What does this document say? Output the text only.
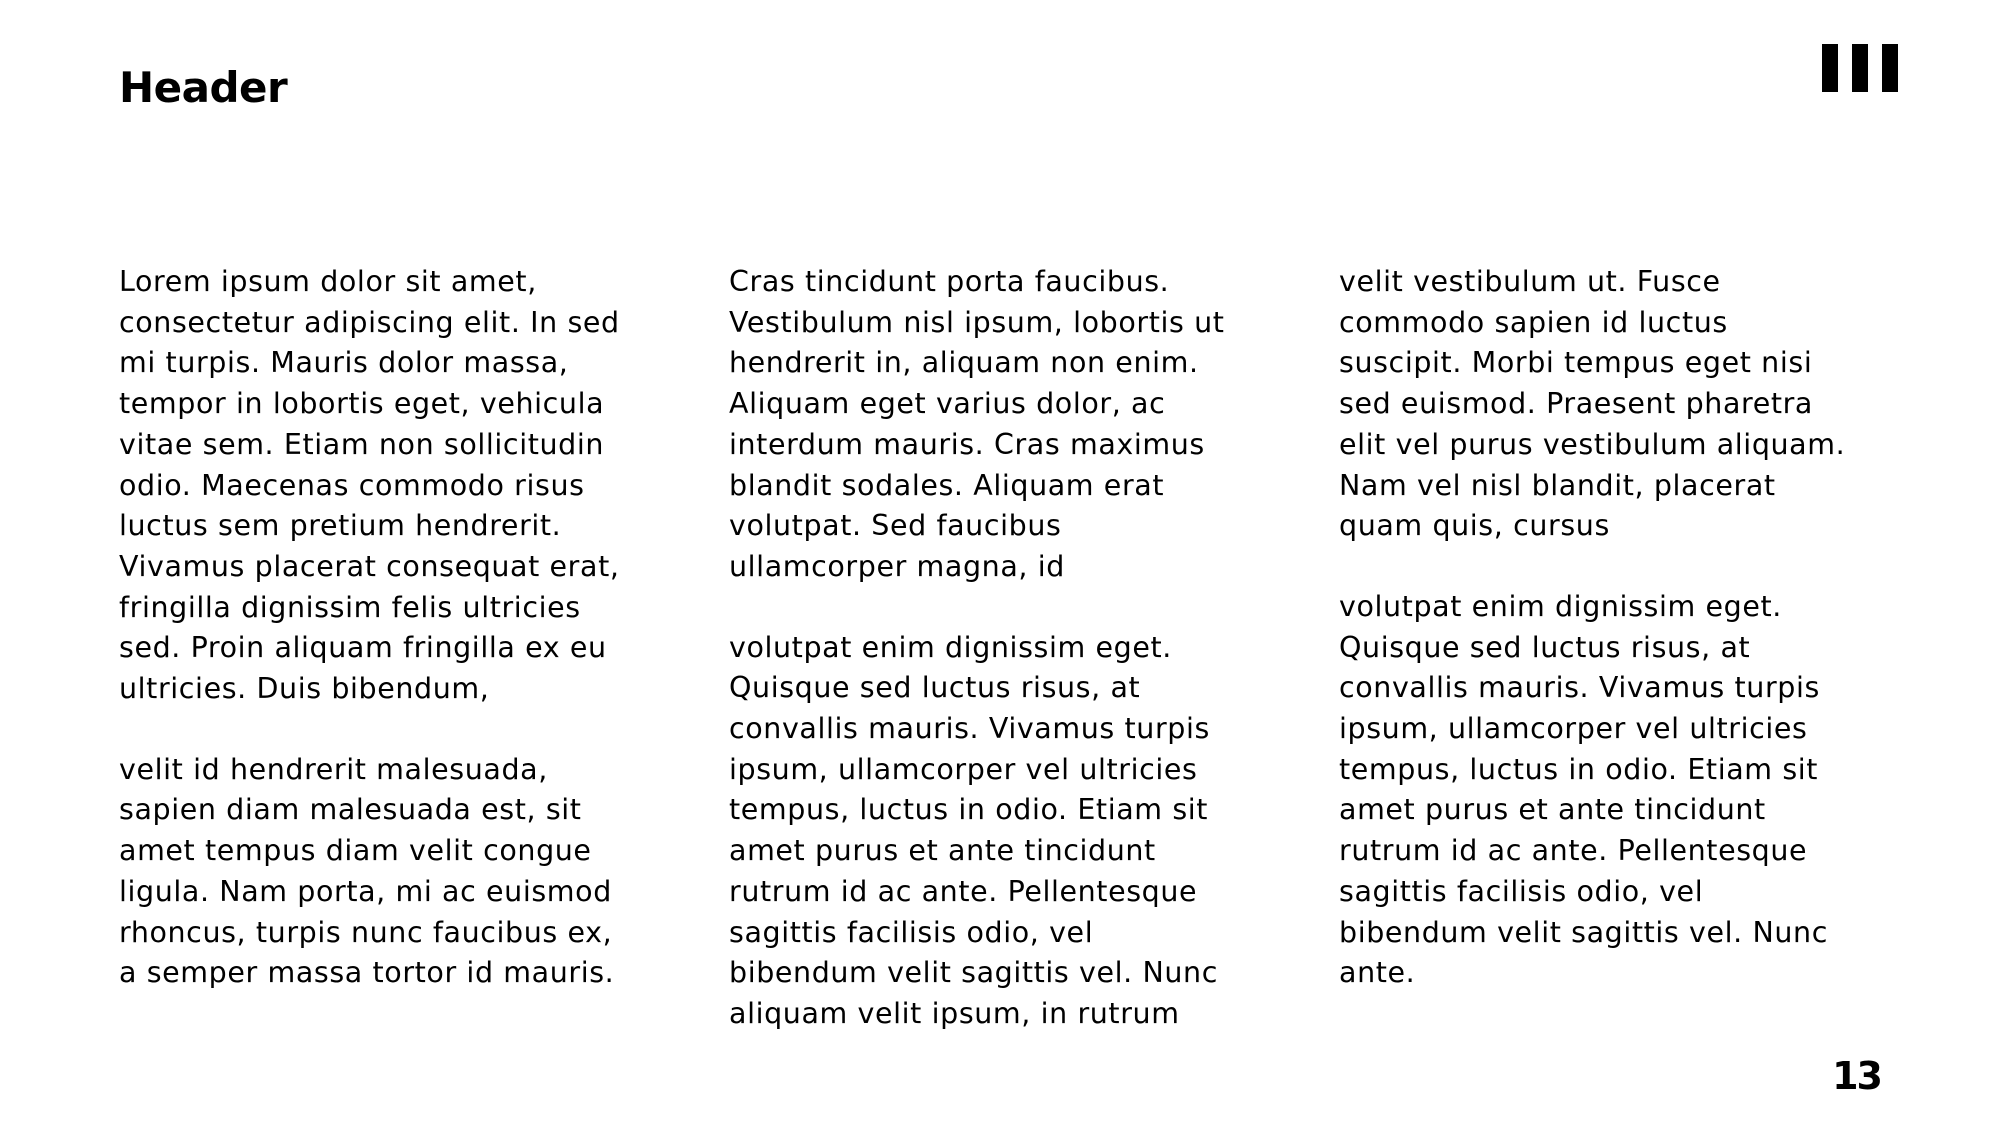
Header

Lorem ipsum dolor sit amet,
consectetur adipiscing elit. In sed
mi turpis. Mauris dolor massa,
tempor in lobortis eget, vehicula
vitae sem. Etiam non sollicitudin
odio. Maecenas commodo risus
luctus sem pretium hendrerit.
Vivamus placerat consequat erat,
fringilla dignissim felis ultricies
sed. Proin aliquam fringilla ex eu
ultricies. Duis bibendum,

velit id hendrerit malesuada,
sapien diam malesuada est, sit
amet tempus diam velit congue
ligula. Nam porta, mi ac euismod
rhoncus, turpis nunc faucibus ex,
a semper massa tortor id mauris.

Cras tincidunt porta faucibus.
Vestibulum nisl ipsum, lobortis ut
hendrerit in, aliquam non enim.
Aliquam eget varius dolor, ac
interdum mauris. Cras maximus
blandit sodales. Aliquam erat
volutpat. Sed faucibus
ullamcorper magna, id

volutpat enim dignissim eget.
Quisque sed luctus risus, at
convallis mauris. Vivamus turpis
ipsum, ullamcorper vel ultricies
tempus, luctus in odio. Etiam sit
amet purus et ante tincidunt
rutrum id ac ante. Pellentesque
sagittis facilisis odio, vel
bibendum velit sagittis vel. Nunc
aliquam velit ipsum, in rutrum

velit vestibulum ut. Fusce
commodo sapien id luctus
suscipit. Morbi tempus eget nisi
sed euismod. Praesent pharetra
elit vel purus vestibulum aliquam.
Nam vel nisl blandit, placerat
quam quis, cursus

volutpat enim dignissim eget.
Quisque sed luctus risus, at
convallis mauris. Vivamus turpis
ipsum, ullamcorper vel ultricies
tempus, luctus in odio. Etiam sit
amet purus et ante tincidunt
rutrum id ac ante. Pellentesque
sagittis facilisis odio, vel
bibendum velit sagittis vel. Nunc
ante.

13
